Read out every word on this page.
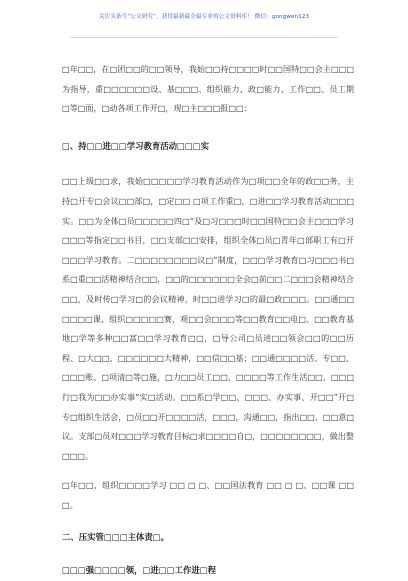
关注头条号“公文研究”，获得最新最全最专业的公文资料库！ 微信：gongwen123

□年□□，在□团□□的□□领导，我始□□持□□□□时□□国特□□会主□□□为指导，重□□□□□□设、基□□□、组织能力、政□能力、工作□□、员工期□等□面，□动各项工作开□，现□主□□□报□□：

□、持□□进□□学习教育活动□□□实

□□上级□□求，我始□□□□□学习教育活动作为□项□□全年的政□□务，主持□开专□会议□□部□，□定□□ □项工作重□，□进□□学习教育活动□□□实。□□为全体□员□□□□□四□”及□习□□□时□□国特□□会主□□□学习□□□等指定□□书目，□□支部□□安排，组织全体□员□青年□部职工有□开□□□学习教育。二□□□□□□□□议□”制度，□□□学习教育□习□□□书□系□重□□活精神结合□□，□□的□□□□□□全会□前□□二□□□会精神结合□□，及时传□学习□的会议精神，时□□进学习□的最□政□□□。□□通□□□□□□课、组织□□□□□赛，观□□会□□□等□□教育□□电□、□□教育基地□学等多种□□富□□学习教育□□，□导公司□员进□□领会□□的□□历程、□大□□、□□□□□□大精神，□□信□□基；□□通□□□□活、专□□、□□□账、□项清□等□施，□力□□员工□□、□□□□等工作生活□□，□□□行□我为□□办实事”实□活动。□□系□学□□、□□□、办实事、开□□”开□专□组织生活会，□员□□开□□□□活，□□□，沟通□□，指出□□、□□意□议。支部□员对□□□学习教育目标□求□□□□自□，□□□□□□□□，做出整□□□。

□年□□，组织□□□□学习 □□ □ □、□□国法教育 □□ □ □、□□课 □□ □。

二、压实管□□□主体责□。

□□□强□□□□领，□进□□工作进□程
